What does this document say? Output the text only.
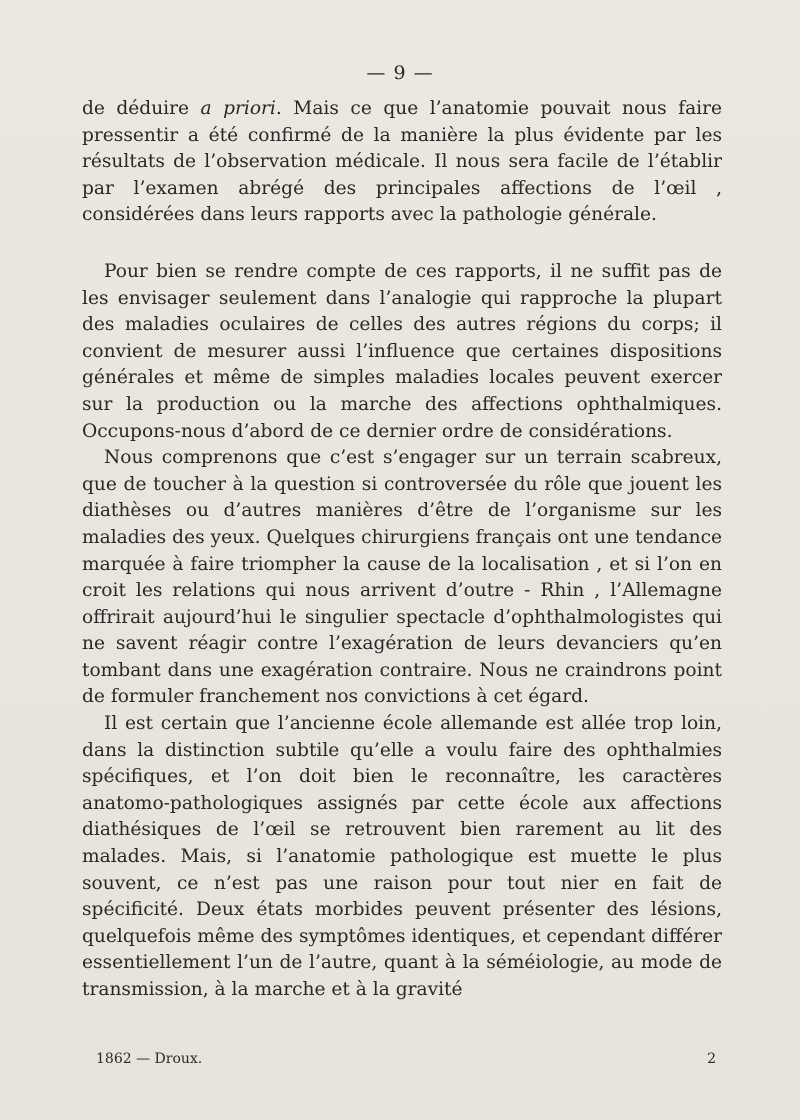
— 9 —

de déduire a priori. Mais ce que l’anatomie pouvait nous faire pressentir a été confirmé de la manière la plus évidente par les résultats de l’observation médicale. Il nous sera facile de l’établir par l’examen abrégé des principales affections de l’œil , considérées dans leurs rapports avec la pathologie générale.

Pour bien se rendre compte de ces rapports, il ne suffit pas de les envisager seulement dans l’analogie qui rapproche la plupart des maladies oculaires de celles des autres régions du corps; il convient de mesurer aussi l’influence que certaines dispositions générales et même de simples maladies locales peuvent exercer sur la production ou la marche des affections ophthalmiques. Occupons-nous d’abord de ce dernier ordre de considérations.

Nous comprenons que c’est s’engager sur un terrain scabreux, que de toucher à la question si controversée du rôle que jouent les diathèses ou d’autres manières d’être de l’organisme sur les maladies des yeux. Quelques chirurgiens français ont une tendance marquée à faire triompher la cause de la localisation , et si l’on en croit les relations qui nous arrivent d’outre - Rhin , l’Allemagne offrirait aujourd’hui le singulier spectacle d’ophthalmologistes qui ne savent réagir contre l’exagération de leurs devanciers qu’en tombant dans une exagération contraire. Nous ne craindrons point de formuler franchement nos convictions à cet égard.

Il est certain que l’ancienne école allemande est allée trop loin, dans la distinction subtile qu’elle a voulu faire des ophthalmies spécifiques, et l’on doit bien le reconnaître, les caractères anatomo-pathologiques assignés par cette école aux affections diathésiques de l’œil se retrouvent bien rarement au lit des malades. Mais, si l’anatomie pathologique est muette le plus souvent, ce n’est pas une raison pour tout nier en fait de spécificité. Deux états morbides peuvent présenter des lésions, quelquefois même des symptômes identiques, et cependant différer essentiellement l’un de l’autre, quant à la séméiologie, au mode de transmission, à la marche et à la gravité

1862 — Droux.	2
